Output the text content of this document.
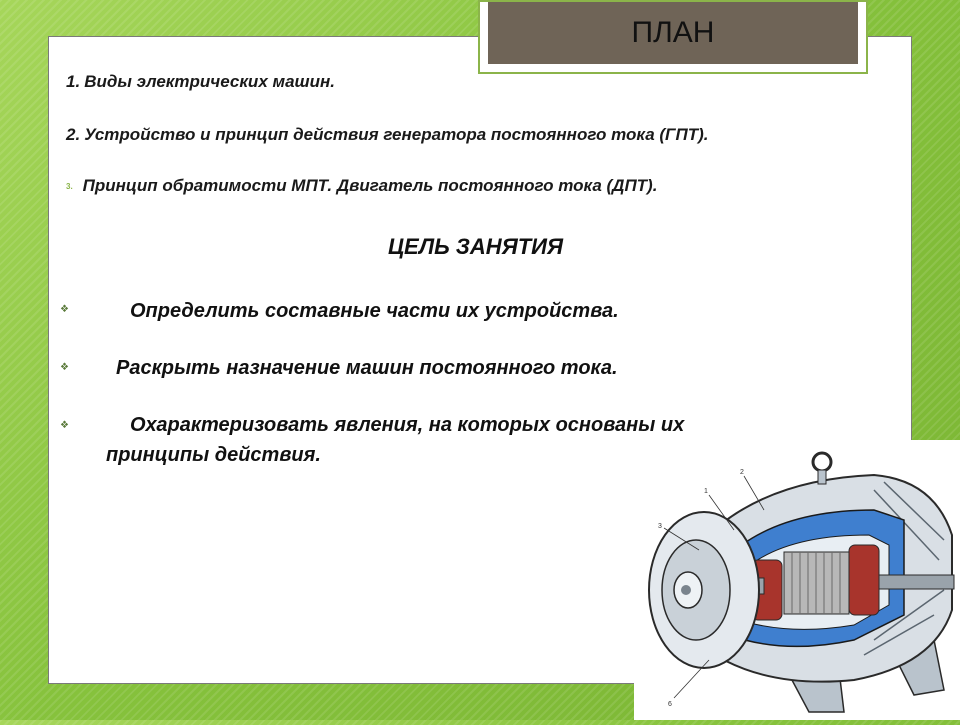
ПЛАН
1. Виды электрических машин.
2. Устройство и принцип действия генератора постоянного тока (ГПТ).
3. Принцип обратимости МПТ. Двигатель постоянного тока (ДПТ).
ЦЕЛЬ ЗАНЯТИЯ
❖	Определить составные части их устройства.
❖ Раскрыть назначение машин постоянного тока.
❖	Охарактеризовать явления, на которых основаны их
принципы действия.
2
1
3
6
